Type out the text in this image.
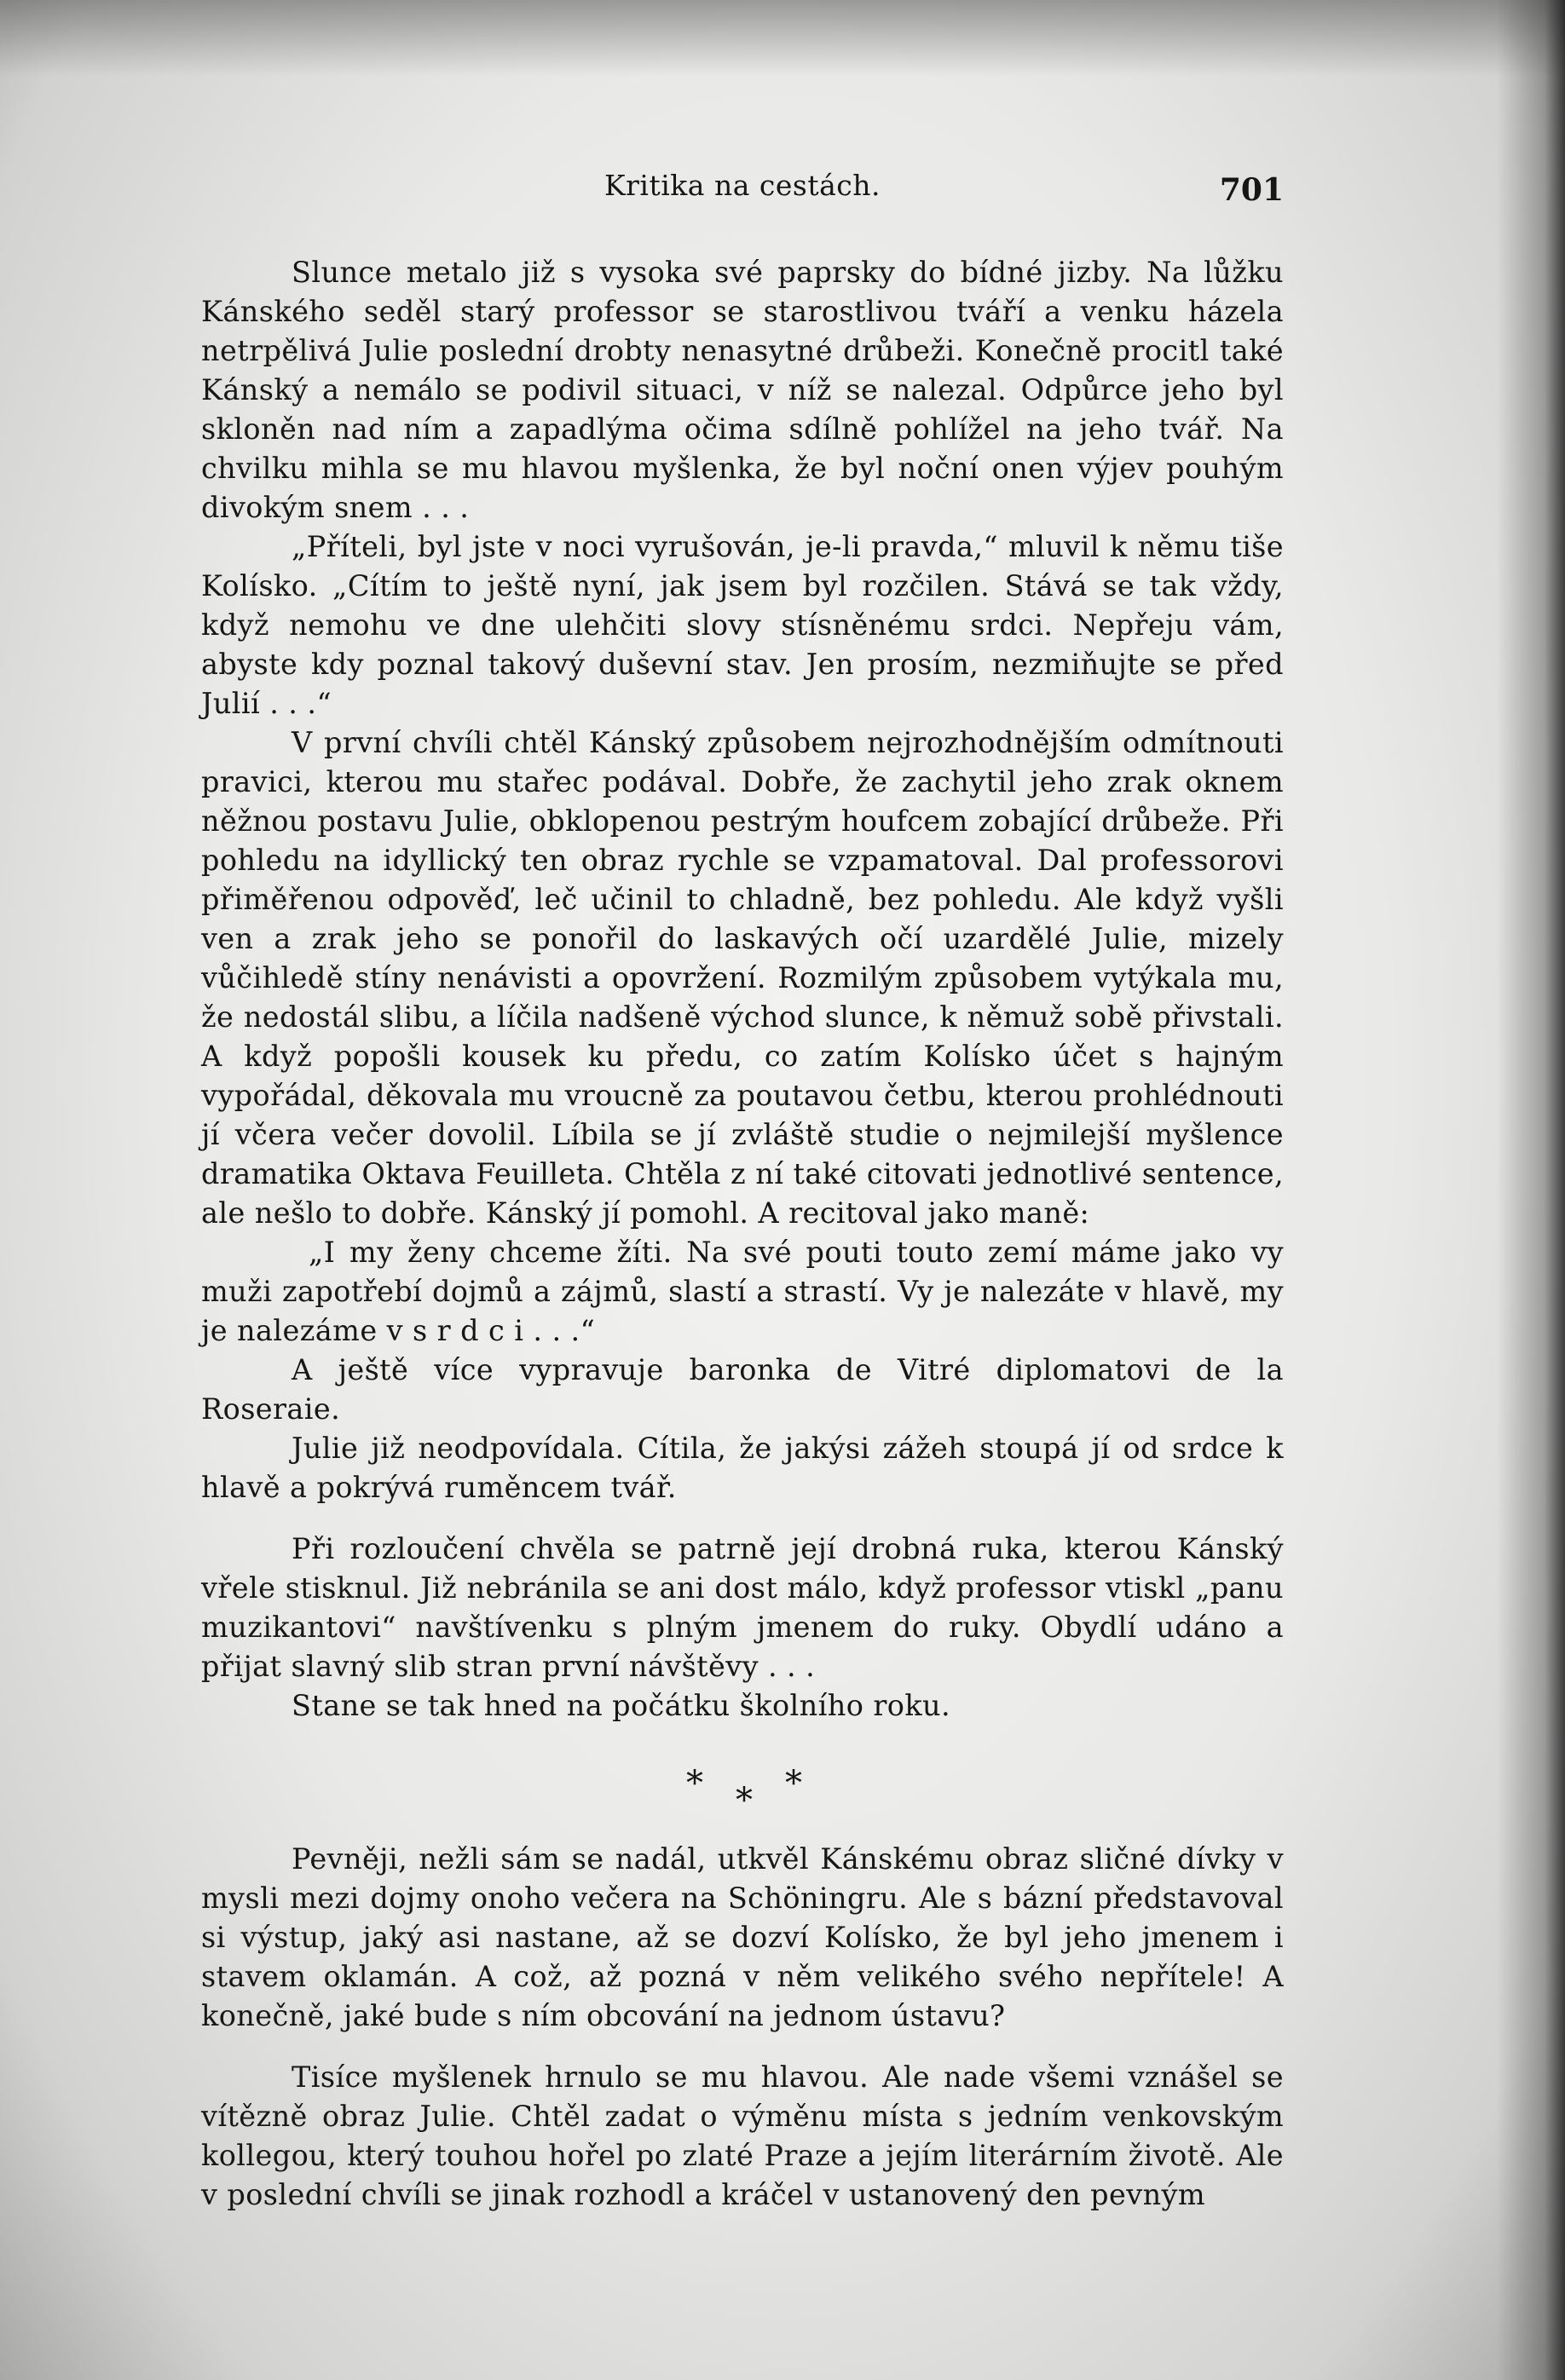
Kritika na cestách.	701

Slunce metalo již s vysoka své paprsky do bídné jizby. Na lůžku Kánského seděl starý professor se starostlivou tváří a venku házela netrpělivá Julie poslední drobty nenasytné drůbeži. Konečně procitl také Kánský a nemálo se podivil situaci, v níž se nalezal. Odpůrce jeho byl skloněn nad ním a zapadlýma očima sdílně pohlížel na jeho tvář. Na chvilku mihla se mu hlavou myšlenka, že byl noční onen výjev pouhým divokým snem . . .

„Příteli, byl jste v noci vyrušován, je-li pravda,“ mluvil k němu tiše Kolísko. „Cítím to ještě nyní, jak jsem byl rozčilen. Stává se tak vždy, když nemohu ve dne ulehčiti slovy stísněnému srdci. Nepřeju vám, abyste kdy poznal takový duševní stav. Jen prosím, nezmiňujte se před Julií . . .“

V první chvíli chtěl Kánský způsobem nejrozhodnějším odmítnouti pravici, kterou mu stařec podával. Dobře, že zachytil jeho zrak oknem něžnou postavu Julie, obklopenou pestrým houfcem zobající drůbeže. Při pohledu na idyllický ten obraz rychle se vzpamatoval. Dal professorovi přiměřenou odpověď, leč učinil to chladně, bez pohledu. Ale když vyšli ven a zrak jeho se ponořil do laskavých očí uzardělé Julie, mizely vůčihledě stíny nenávisti a opovržení. Rozmilým způsobem vytýkala mu, že nedostál slibu, a líčila nadšeně východ slunce, k němuž sobě přivstali. A když popošli kousek ku předu, co zatím Kolísko účet s hajným vypořádal, děkovala mu vroucně za poutavou četbu, kterou prohlédnouti jí včera večer dovolil. Líbila se jí zvláště studie o nejmilejší myšlence dramatika Oktava Feuilleta. Chtěla z ní také citovati jednotlivé sentence, ale nešlo to dobře. Kánský jí pomohl. A recitoval jako maně:

„I my ženy chceme žíti. Na své pouti touto zemí máme jako vy muži zapotřebí dojmů a zájmů, slastí a strastí. Vy je nalezáte v hlavě, my je nalezáme v s r d c i . . .“

A ještě více vypravuje baronka de Vitré diplomatovi de la Roseraie.

Julie již neodpovídala. Cítila, že jakýsi zážeh stoupá jí od srdce k hlavě a pokrývá ruměncem tvář.

Při rozloučení chvěla se patrně její drobná ruka, kterou Kánský vřele stisknul. Již nebránila se ani dost málo, když professor vtiskl „panu muzikantovi“ navštívenku s plným jmenem do ruky. Obydlí udáno a přijat slavný slib stran první návštěvy . . .

Stane se tak hned na počátku školního roku.

* * *

Pevněji, nežli sám se nadál, utkvěl Kánskému obraz sličné dívky v mysli mezi dojmy onoho večera na Schöningru. Ale s bázní představoval si výstup, jaký asi nastane, až se dozví Kolísko, že byl jeho jmenem i stavem oklamán. A což, až pozná v něm velikého svého nepřítele! A konečně, jaké bude s ním obcování na jednom ústavu?

Tisíce myšlenek hrnulo se mu hlavou. Ale nade všemi vznášel se vítězně obraz Julie. Chtěl zadat o výměnu místa s jedním venkovským kollegou, který touhou hořel po zlaté Praze a jejím literárním životě. Ale v poslední chvíli se jinak rozhodl a kráčel v ustanovený den pevným
